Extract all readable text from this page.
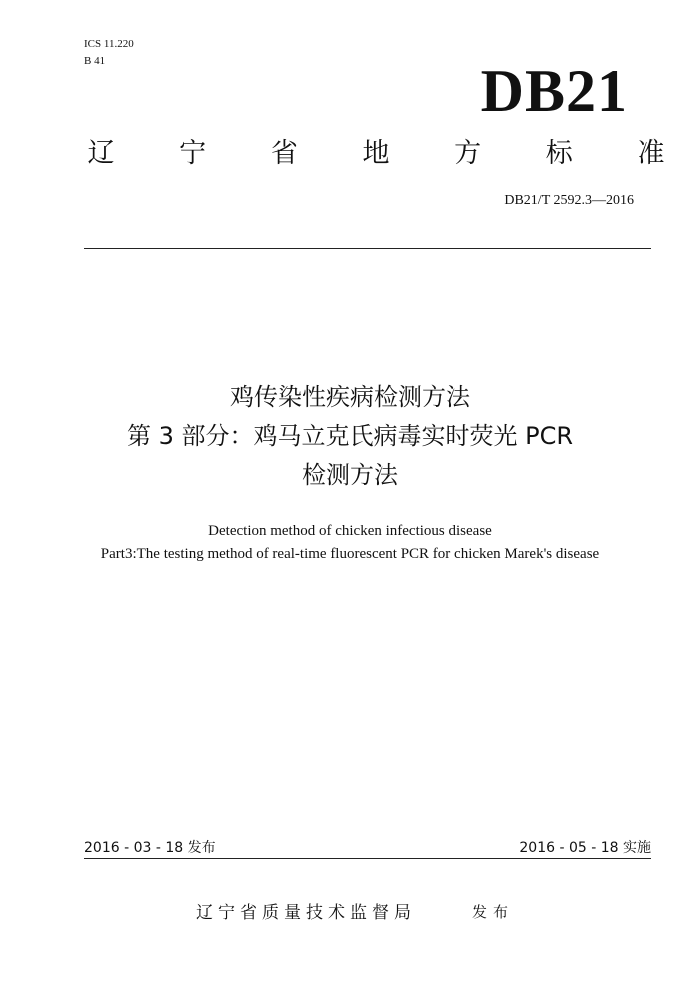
ICS 11.220
B 41	DB21
辽 宁 省 地 方 标 准
DB21/T 2592.3—2016
鸡传染性疾病检测方法
第 3 部分：鸡马立克氏病毒实时荧光 PCR
检测方法
Detection method of chicken infectious disease
Part3:The testing method of real-time fluorescent PCR for chicken Marek's disease
2016 - 03 - 18 发布	2016 - 05 - 18 实施
辽宁省质量技术监督局	发布
